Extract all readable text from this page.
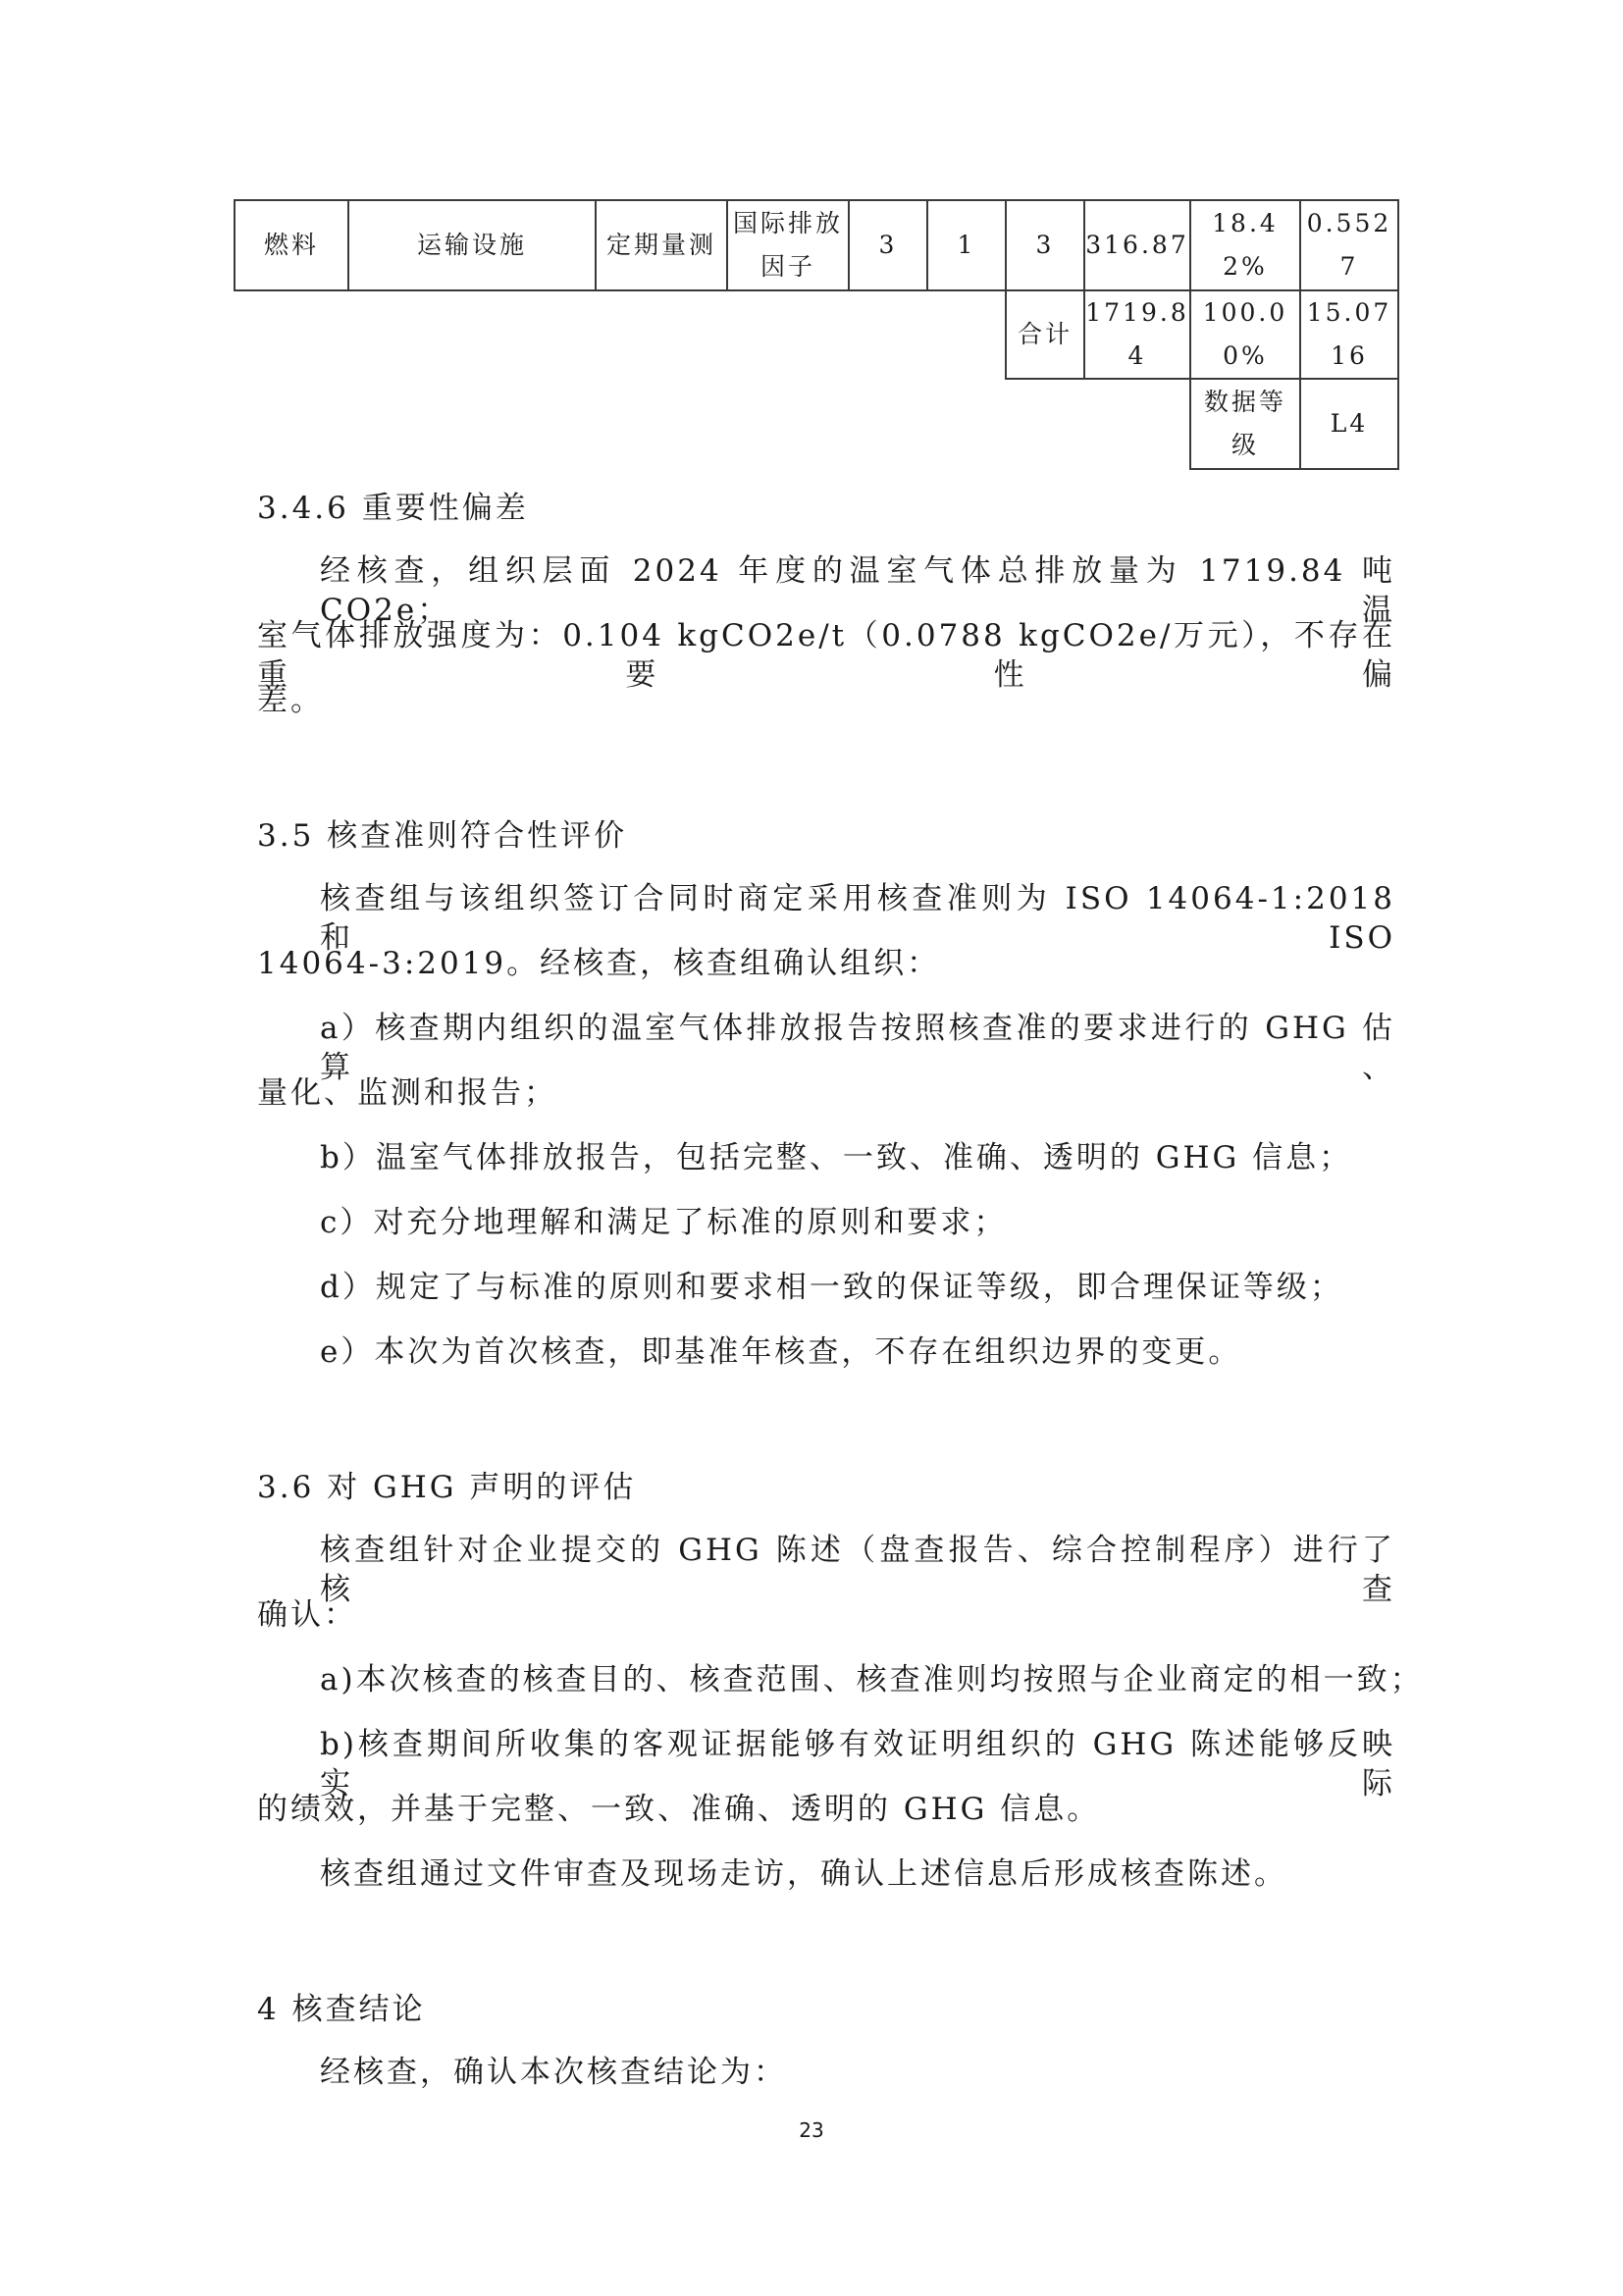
燃料	运输设施	定期量测	国际排放因子	3	1	3	316.87	18.42%	0.5527
						合计	1719.84	100.00%	15.0716
								数据等级	L4
3.4.6 重要性偏差
经核查，组织层面 2024 年度的温室气体总排放量为 1719.84 吨 CO2e；温
室气体排放强度为：0.104 kgCO2e/t（0.0788 kgCO2e/万元），不存在重要性偏
差。
3.5 核查准则符合性评价
核查组与该组织签订合同时商定采用核查准则为 ISO 14064-1:2018 和 ISO
14064-3:2019。经核查，核查组确认组织：
a）核查期内组织的温室气体排放报告按照核查准的要求进行的 GHG 估算、
量化、监测和报告；
b）温室气体排放报告，包括完整、一致、准确、透明的 GHG 信息；
c）对充分地理解和满足了标准的原则和要求；
d）规定了与标准的原则和要求相一致的保证等级，即合理保证等级；
e）本次为首次核查，即基准年核查，不存在组织边界的变更。
3.6 对 GHG 声明的评估
核查组针对企业提交的 GHG 陈述（盘查报告、综合控制程序）进行了核查
确认：
a)本次核查的核查目的、核查范围、核查准则均按照与企业商定的相一致；
b)核查期间所收集的客观证据能够有效证明组织的 GHG 陈述能够反映实际
的绩效，并基于完整、一致、准确、透明的 GHG 信息。
核查组通过文件审查及现场走访，确认上述信息后形成核查陈述。
4 核查结论
经核查，确认本次核查结论为：
23
